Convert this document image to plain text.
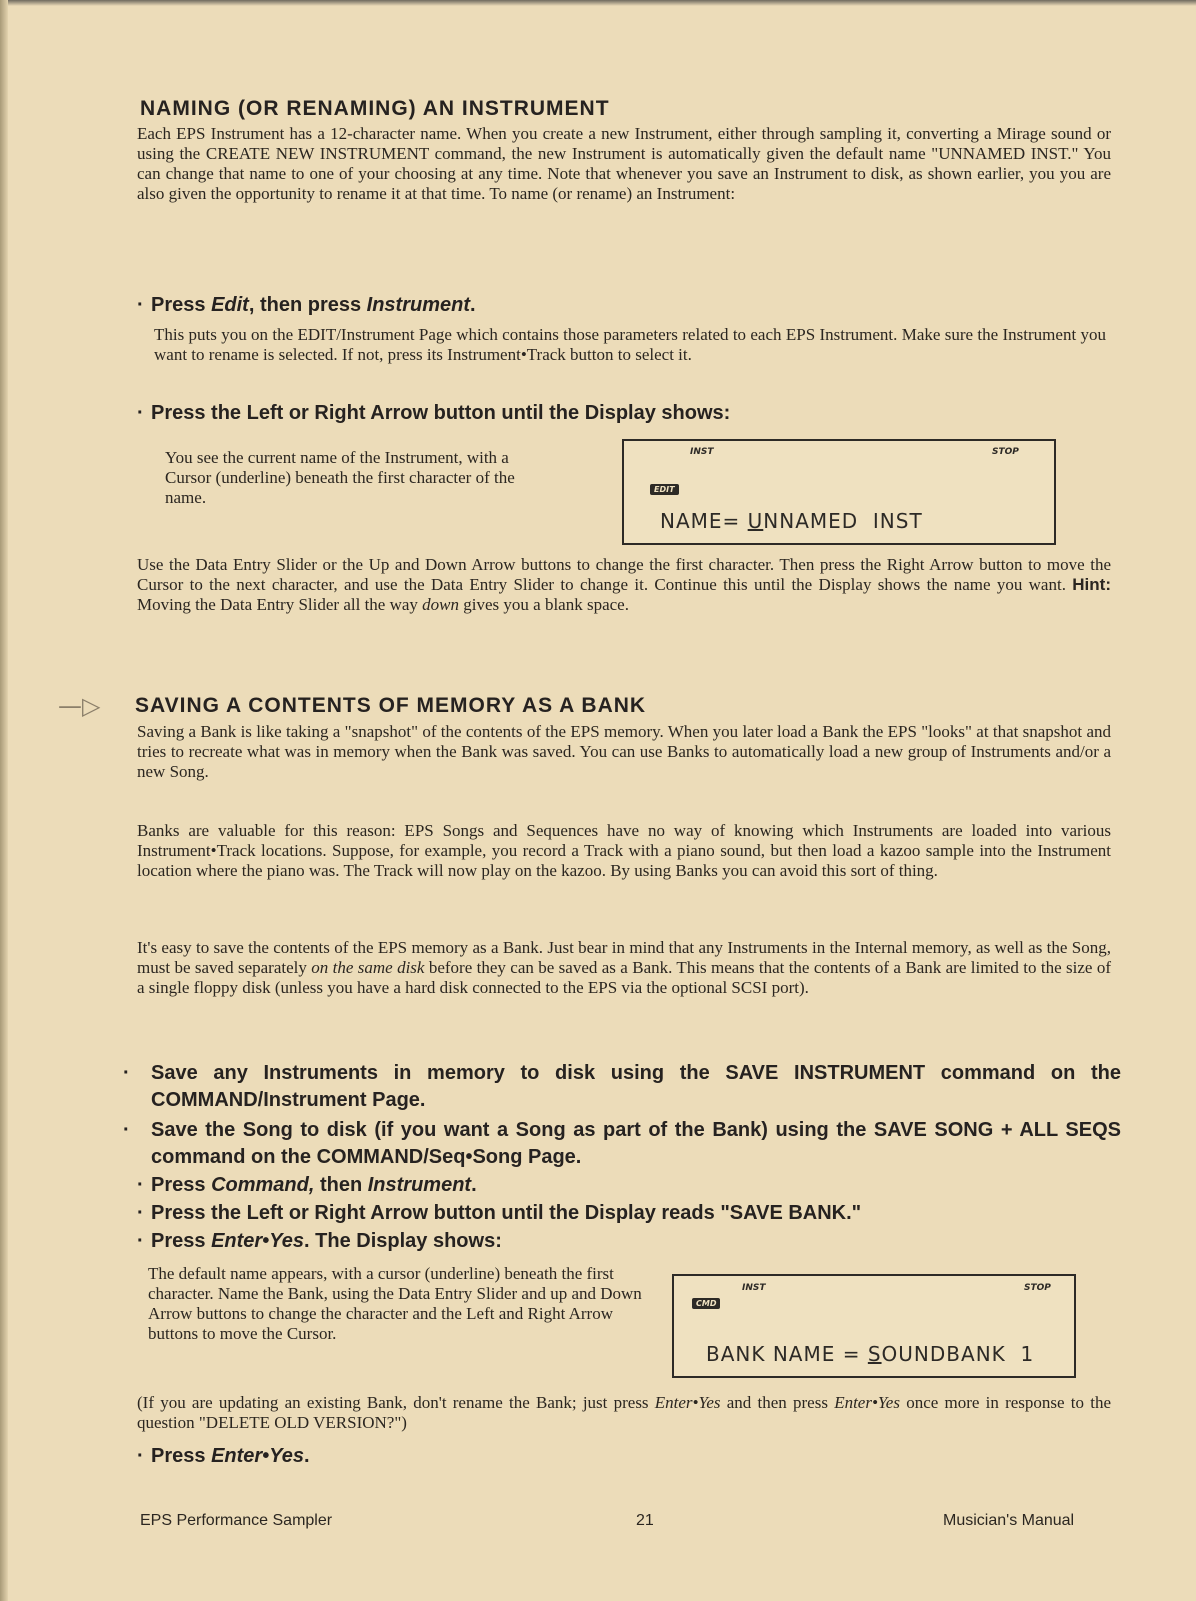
NAMING (OR RENAMING) AN INSTRUMENT
Each EPS Instrument has a 12-character name. When you create a new Instrument, either through sampling it, converting a Mirage sound or using the CREATE NEW INSTRUMENT command, the new Instrument is automatically given the default name "UNNAMED INST." You can change that name to one of your choosing at any time. Note that whenever you save an Instrument to disk, as shown earlier, you you are also given the opportunity to rename it at that time. To name (or rename) an Instrument:
· Press Edit, then press Instrument.
This puts you on the EDIT/Instrument Page which contains those parameters related to each EPS Instrument. Make sure the Instrument you want to rename is selected. If not, press its Instrument•Track button to select it.
· Press the Left or Right Arrow button until the Display shows:
You see the current name of the Instrument, with a Cursor (underline) beneath the first character of the name.
INST	STOP
EDIT
NAME= UNNAMED  INST
Use the Data Entry Slider or the Up and Down Arrow buttons to change the first character. Then press the Right Arrow button to move the Cursor to the next character, and use the Data Entry Slider to change it. Continue this until the Display shows the name you want. Hint: Moving the Data Entry Slider all the way down gives you a blank space.
—▷ SAVING A CONTENTS OF MEMORY AS A BANK
Saving a Bank is like taking a "snapshot" of the contents of the EPS memory. When you later load a Bank the EPS "looks" at that snapshot and tries to recreate what was in memory when the Bank was saved. You can use Banks to automatically load a new group of Instruments and/or a new Song.
Banks are valuable for this reason: EPS Songs and Sequences have no way of knowing which Instruments are loaded into various Instrument•Track locations. Suppose, for example, you record a Track with a piano sound, but then load a kazoo sample into the Instrument location where the piano was. The Track will now play on the kazoo. By using Banks you can avoid this sort of thing.
It's easy to save the contents of the EPS memory as a Bank. Just bear in mind that any Instruments in the Internal memory, as well as the Song, must be saved separately on the same disk before they can be saved as a Bank. This means that the contents of a Bank are limited to the size of a single floppy disk (unless you have a hard disk connected to the EPS via the optional SCSI port).
· Save any Instruments in memory to disk using the SAVE INSTRUMENT command on the COMMAND/Instrument Page.
· Save the Song to disk (if you want a Song as part of the Bank) using the SAVE SONG + ALL SEQS command on the COMMAND/Seq•Song Page.
· Press Command, then Instrument.
· Press the Left or Right Arrow button until the Display reads "SAVE BANK."
· Press Enter•Yes. The Display shows:
The default name appears, with a cursor (underline) beneath the first character. Name the Bank, using the Data Entry Slider and up and Down Arrow buttons to change the character and the Left and Right Arrow buttons to move the Cursor.
INST	STOP
CMD
BANK NAME = SOUNDBANK  1
(If you are updating an existing Bank, don't rename the Bank; just press Enter•Yes and then press Enter•Yes once more in response to the question "DELETE OLD VERSION?")
· Press Enter•Yes.
EPS Performance Sampler	21	Musician's Manual
